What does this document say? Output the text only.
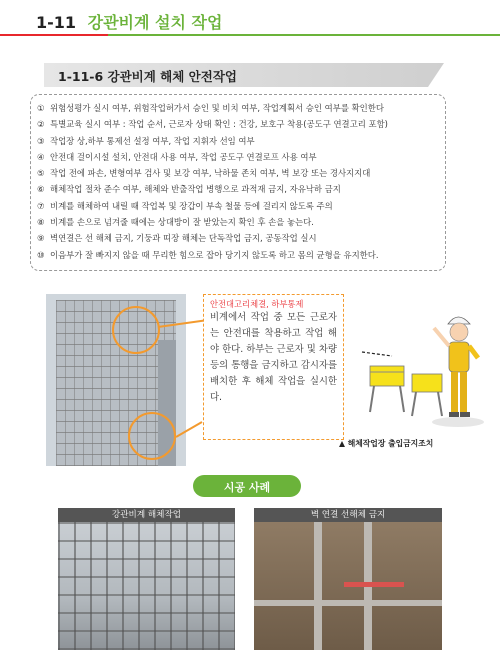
1-11 강관비계 설치 작업
1-11-6 강관비계 해체 안전작업
① 위험성평가 실시 여부, 위험작업허가서 승인 및 비치 여부, 작업계획서 승인 여부를 확인한다
② 특별교육 실시 여부 : 작업 순서, 근로자 상태 확인 : 건강, 보호구 착용(공도구 연결고리 포함)
③ 작업장 상,하부 통제선 설정 여부, 작업 지휘자 선임 여부
④ 안전대 걸이시설 설치, 안전대 사용 여부, 작업 공도구 연결로프 사용 여부
⑤ 작업 전에 파손, 변형여부 검사 및 보강 여부, 낙하물 존치 여부, 벽 보강 또는 경사지지대
⑥ 해체작업 절차 준수 여부, 해체와 반출작업 병행으로 과적재 금지, 자유낙하 금지
⑦ 비계를 해체하여 내릴 때 작업복 및 장갑이 부속 철물 등에 걸리지 않도록 주의
⑧ 비계를 손으로 넘겨줄 때에는 상대방이 잘 받았는지 확인 후 손을 놓는다.
⑨ 벽연결은 선 해체 금지, 기둥과 띠장 해체는 단독작업 금지, 공동작업 실시
⑩ 이음부가 잘 빠지지 않을 때 무리한 힘으로 잡아 당기지 않도록 하고 몸의 균형을 유지한다.
안전대고리체결, 하부통제
비계에서 작업 중 모든 근로자는 안전대를 착용하고 작업 해야 한다. 하부는 근로자 및 차량 등의 통행을 금지하고 감시자를 배치한 후 해체 작업을 실시한다.
▲ 해체작업장 출입금지조치
시공 사례
강관비계 해체작업	벽 연결 선해체 금지
